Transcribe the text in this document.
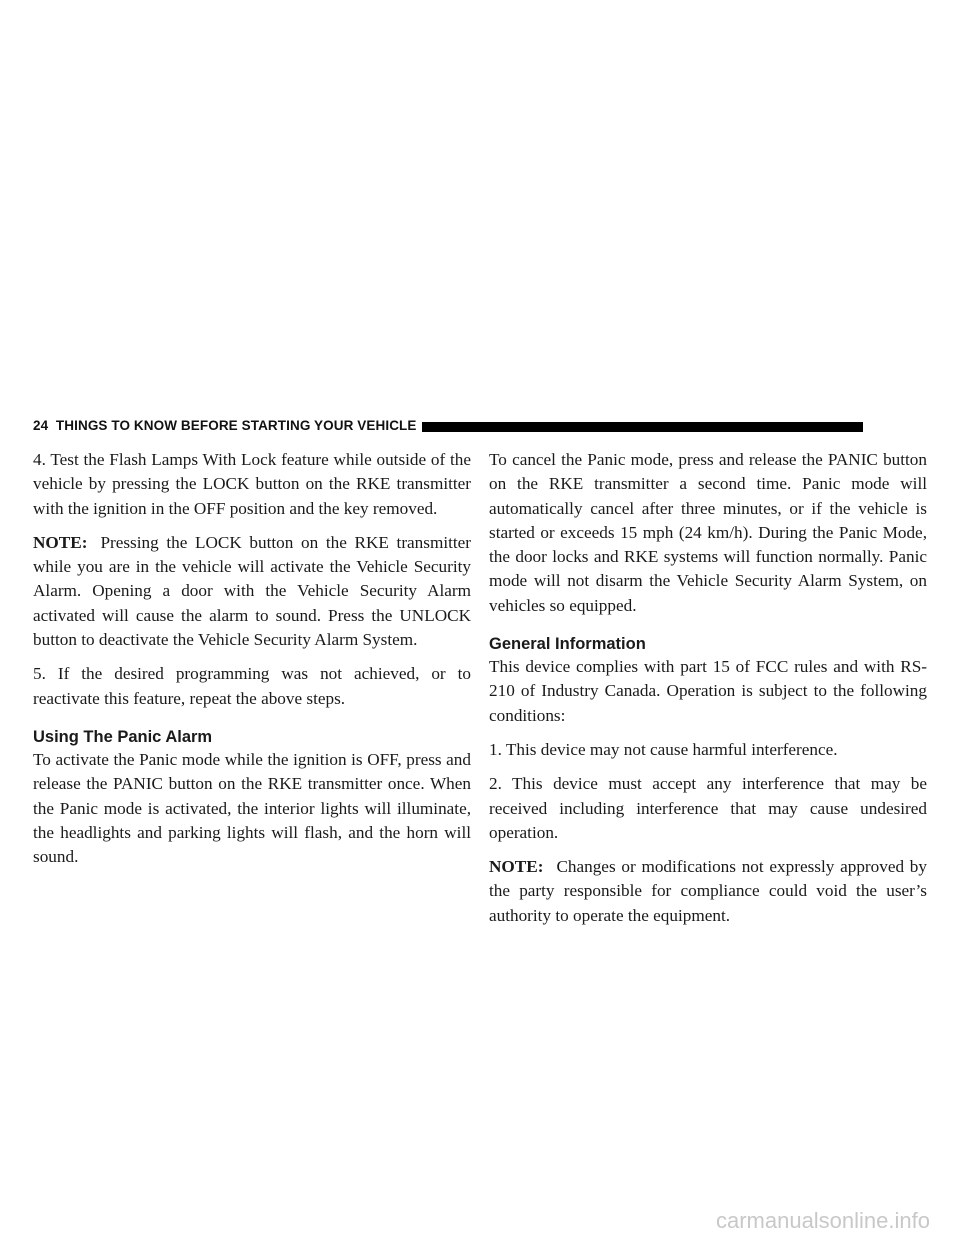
24 THINGS TO KNOW BEFORE STARTING YOUR VEHICLE

4. Test the Flash Lamps With Lock feature while outside of the vehicle by pressing the LOCK button on the RKE transmitter with the ignition in the OFF position and the key removed.

NOTE: Pressing the LOCK button on the RKE transmitter while you are in the vehicle will activate the Vehicle Security Alarm. Opening a door with the Vehicle Security Alarm activated will cause the alarm to sound. Press the UNLOCK button to deactivate the Vehicle Security Alarm System.

5. If the desired programming was not achieved, or to reactivate this feature, repeat the above steps.

Using The Panic Alarm

To activate the Panic mode while the ignition is OFF, press and release the PANIC button on the RKE transmitter once. When the Panic mode is activated, the interior lights will illuminate, the headlights and parking lights will flash, and the horn will sound.

To cancel the Panic mode, press and release the PANIC button on the RKE transmitter a second time. Panic mode will automatically cancel after three minutes, or if the vehicle is started or exceeds 15 mph (24 km/h). During the Panic Mode, the door locks and RKE systems will function normally. Panic mode will not disarm the Vehicle Security Alarm System, on vehicles so equipped.

General Information

This device complies with part 15 of FCC rules and with RS-210 of Industry Canada. Operation is subject to the following conditions:

1. This device may not cause harmful interference.

2. This device must accept any interference that may be received including interference that may cause undesired operation.

NOTE: Changes or modifications not expressly approved by the party responsible for compliance could void the user’s authority to operate the equipment.

carmanualsonline.info
